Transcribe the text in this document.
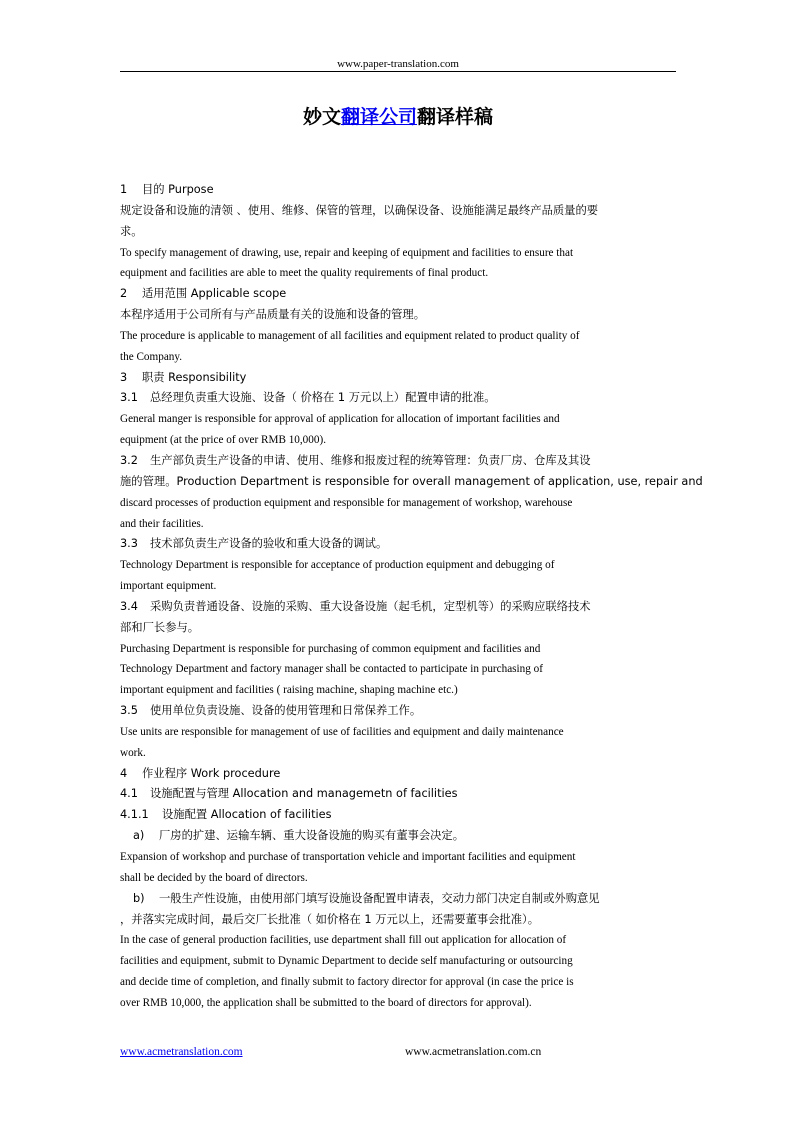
www.paper-translation.com
妙文翻译公司翻译样稿
1 目的 Purpose
规定设备和设施的清领 、使用、维修、保管的管理，以确保设备、设施能满足最终产品质量的要
求。
To specify management of drawing, use, repair and keeping of equipment and facilities to ensure that
equipment and facilities are able to meet the quality requirements of final product.
2 适用范围 Applicable scope
本程序适用于公司所有与产品质量有关的设施和设备的管理。
The procedure is applicable to management of all facilities and equipment related to product quality of
the Company.
3 职责 Responsibility
3.1 总经理负责重大设施、设备（ 价格在 1 万元以上）配置申请的批准。
General manger is responsible for approval of application for allocation of important facilities and
equipment (at the price of over RMB 10,000).
3.2 生产部负责生产设备的申请、使用、维修和报废过程的统筹管理：负责厂房、仓库及其设
施的管理。Production Department is responsible for overall management of application, use, repair and
discard processes of production equipment and responsible for management of workshop, warehouse
and their facilities.
3.3 技术部负责生产设备的验收和重大设备的调试。
Technology Department is responsible for acceptance of production equipment and debugging of
important equipment.
3.4 采购负责普通设备、设施的采购、重大设备设施（起毛机，定型机等）的采购应联络技术
部和厂长参与。
Purchasing Department is responsible for purchasing of common equipment and facilities and
Technology Department and factory manager shall be contacted to participate in purchasing of
important equipment and facilities ( raising machine, shaping machine etc.)
3.5 使用单位负责设施、设备的使用管理和日常保养工作。
Use units are responsible for management of use of facilities and equipment and daily maintenance
work.
4 作业程序 Work procedure
4.1 设施配置与管理 Allocation and managemetn of facilities
4.1.1 设施配置 Allocation of facilities
a) 厂房的扩建、运输车辆、重大设备设施的购买有董事会决定。
Expansion of workshop and purchase of transportation vehicle and important facilities and equipment
shall be decided by the board of directors.
b) 一般生产性设施，由使用部门填写设施设备配置申请表，交动力部门决定自制或外购意见
，并落实完成时间，最后交厂长批准（ 如价格在 1 万元以上，还需要董事会批准）。
In the case of general production facilities, use department shall fill out application for allocation of
facilities and equipment, submit to Dynamic Department to decide self manufacturing or outsourcing
and decide time of completion, and finally submit to factory director for approval (in case the price is
over RMB 10,000, the application shall be submitted to the board of directors for approval).
www.acmetranslation.com	www.acmetranslation.com.cn
